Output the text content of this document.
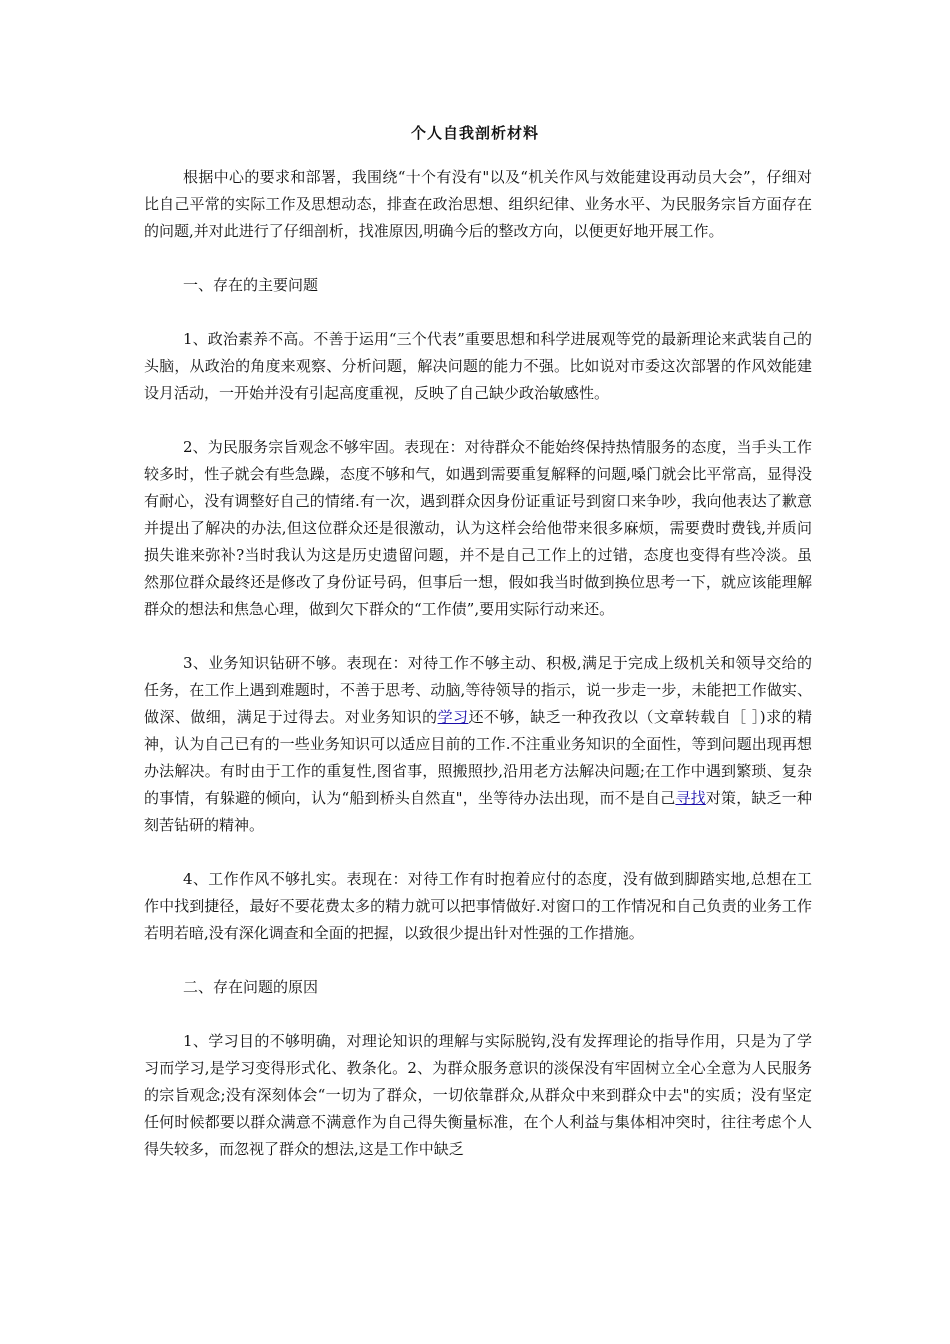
个人自我剖析材料

根据中心的要求和部署，我围绕“十个有没有"以及“机关作风与效能建设再动员大会”，仔细对比自己平常的实际工作及思想动态，排查在政治思想、组织纪律、业务水平、为民服务宗旨方面存在的问题,并对此进行了仔细剖析，找准原因,明确今后的整改方向，以便更好地开展工作。

一、存在的主要问题

1、政治素养不高。不善于运用“三个代表”重要思想和科学进展观等党的最新理论来武装自己的头脑，从政治的角度来观察、分析问题，解决问题的能力不强。比如说对市委这次部署的作风效能建设月活动，一开始并没有引起高度重视，反映了自己缺少政治敏感性。

2、为民服务宗旨观念不够牢固。表现在：对待群众不能始终保持热情服务的态度，当手头工作较多时，性子就会有些急躁，态度不够和气，如遇到需要重复解释的问题,嗓门就会比平常高，显得没有耐心，没有调整好自己的情绪.有一次，遇到群众因身份证重证号到窗口来争吵，我向他表达了歉意并提出了解决的办法,但这位群众还是很激动，认为这样会给他带来很多麻烦，需要费时费钱,并质问损失谁来弥补?当时我认为这是历史遗留问题，并不是自己工作上的过错，态度也变得有些冷淡。虽然那位群众最终还是修改了身份证号码，但事后一想，假如我当时做到换位思考一下，就应该能理解群众的想法和焦急心理，做到欠下群众的“工作债”,要用实际行动来还。

3、业务知识钻研不够。表现在：对待工作不够主动、积极,满足于完成上级机关和领导交给的任务，在工作上遇到难题时，不善于思考、动脑,等待领导的指示，说一步走一步，未能把工作做实、做深、做细，满足于过得去。对业务知识的学习还不够，缺乏一种孜孜以（文章转载自［ ］)求的精神，认为自己已有的一些业务知识可以适应目前的工作.不注重业务知识的全面性，等到问题出现再想办法解决。有时由于工作的重复性,图省事，照搬照抄,沿用老方法解决问题;在工作中遇到繁琐、复杂的事情，有躲避的倾向，认为“船到桥头自然直"，坐等待办法出现，而不是自己寻找对策，缺乏一种刻苦钻研的精神。

4、工作作风不够扎实。表现在：对待工作有时抱着应付的态度，没有做到脚踏实地,总想在工作中找到捷径，最好不要花费太多的精力就可以把事情做好.对窗口的工作情况和自己负责的业务工作若明若暗,没有深化调查和全面的把握，以致很少提出针对性强的工作措施。

二、存在问题的原因

1、学习目的不够明确，对理论知识的理解与实际脱钩,没有发挥理论的指导作用，只是为了学习而学习,是学习变得形式化、教条化。2、为群众服务意识的淡保没有牢固树立全心全意为人民服务的宗旨观念;没有深刻体会“一切为了群众，一切依靠群众,从群众中来到群众中去"的实质；没有坚定任何时候都要以群众满意不满意作为自己得失衡量标准，在个人利益与集体相冲突时，往往考虑个人得失较多，而忽视了群众的想法,这是工作中缺乏
